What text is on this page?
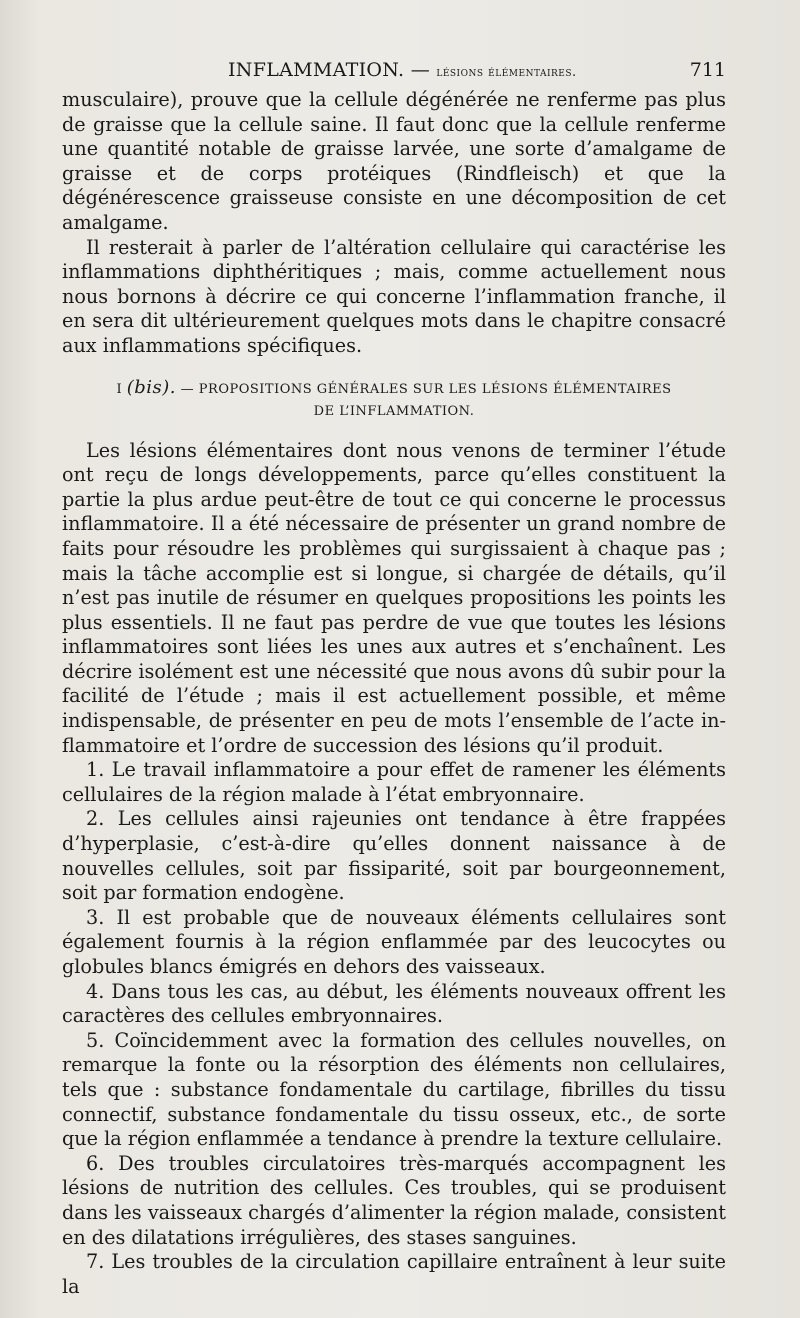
INFLAMMATION. — lésions élémentaires.	711

musculaire), prouve que la cellule dégénérée ne renferme pas plus de graisse que la cellule saine. Il faut donc que la cellule renferme une quantité notable de graisse larvée, une sorte d’amalgame de graisse et de corps protéiques (Rindfleisch) et que la dégénérescence graisseuse consiste en une décomposition de cet amalgame.

Il resterait à parler de l’altération cellulaire qui caractérise les inflammations diphthéritiques ; mais, comme actuellement nous nous bornons à décrire ce qui concerne l’inflammation franche, il en sera dit ultérieurement quelques mots dans le chapitre consacré aux inflammations spécifiques.

I (bis). — PROPOSITIONS GÉNÉRALES SUR LES LÉSIONS ÉLÉMENTAIRES
DE L’INFLAMMATION.

Les lésions élémentaires dont nous venons de terminer l’étude ont reçu de longs développements, parce qu’elles constituent la partie la plus ardue peut-être de tout ce qui concerne le processus inflammatoire. Il a été nécessaire de présenter un grand nombre de faits pour résoudre les problèmes qui surgissaient à chaque pas ; mais la tâche accomplie est si longue, si chargée de détails, qu’il n’est pas inutile de résumer en quelques propositions les points les plus essentiels. Il ne faut pas perdre de vue que toutes les lésions inflammatoires sont liées les unes aux autres et s’enchaînent. Les décrire isolément est une nécessité que nous avons dû subir pour la facilité de l’étude ; mais il est actuellement possible, et même indispensable, de présenter en peu de mots l’ensemble de l’acte inflammatoire et l’ordre de succession des lésions qu’il produit.

1. Le travail inflammatoire a pour effet de ramener les éléments cellulaires de la région malade à l’état embryonnaire.

2. Les cellules ainsi rajeunies ont tendance à être frappées d’hyperplasie, c’est-à-dire qu’elles donnent naissance à de nouvelles cellules, soit par fissiparité, soit par bourgeonnement, soit par formation endogène.

3. Il est probable que de nouveaux éléments cellulaires sont également fournis à la région enflammée par des leucocytes ou globules blancs émigrés en dehors des vaisseaux.

4. Dans tous les cas, au début, les éléments nouveaux offrent les caractères des cellules embryonnaires.

5. Coïncidemment avec la formation des cellules nouvelles, on remarque la fonte ou la résorption des éléments non cellulaires, tels que : substance fondamentale du cartilage, fibrilles du tissu connectif, substance fondamentale du tissu osseux, etc., de sorte que la région enflammée a tendance à prendre la texture cellulaire.

6. Des troubles circulatoires très-marqués accompagnent les lésions de nutrition des cellules. Ces troubles, qui se produisent dans les vaisseaux chargés d’alimenter la région malade, consistent en des dilatations irrégulières, des stases sanguines.

7. Les troubles de la circulation capillaire entraînent à leur suite la
